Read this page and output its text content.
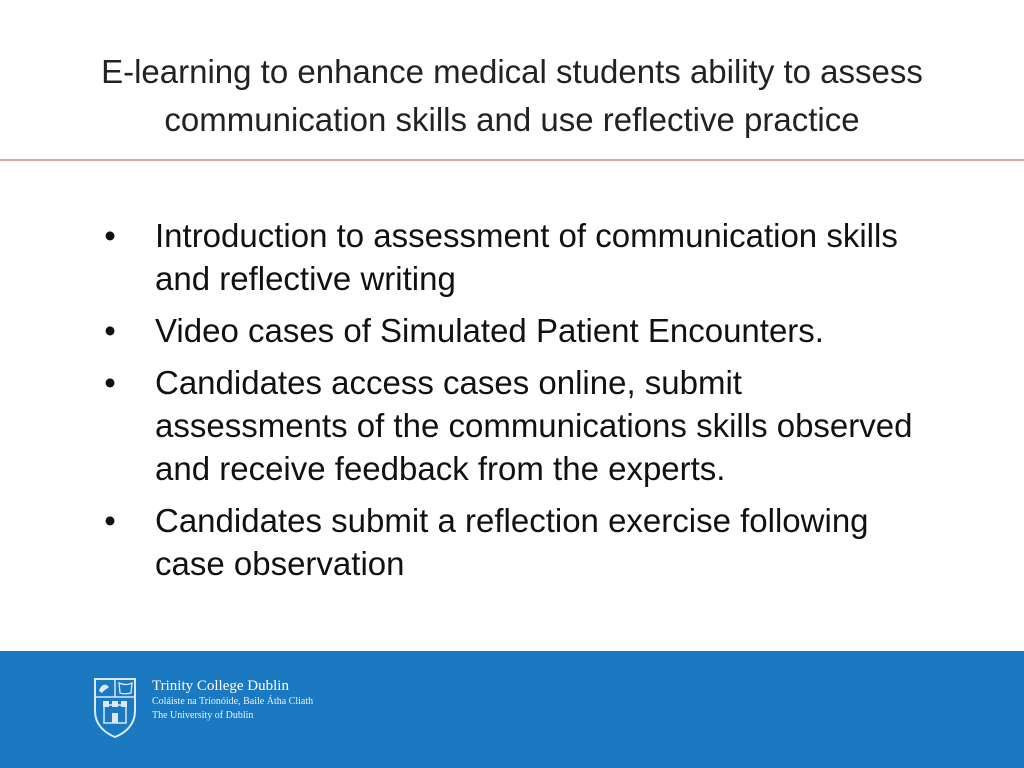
E-learning to enhance medical students ability to assess
communication skills and use reflective practice
• Introduction to assessment of communication skills and reflective writing
• Video cases of Simulated Patient Encounters.
• Candidates access cases online, submit assessments of the communications skills observed and receive feedback from the experts.
• Candidates submit a reflection exercise following case observation
Trinity College Dublin
Coláiste na Tríonóide, Baile Átha Cliath
The University of Dublin
